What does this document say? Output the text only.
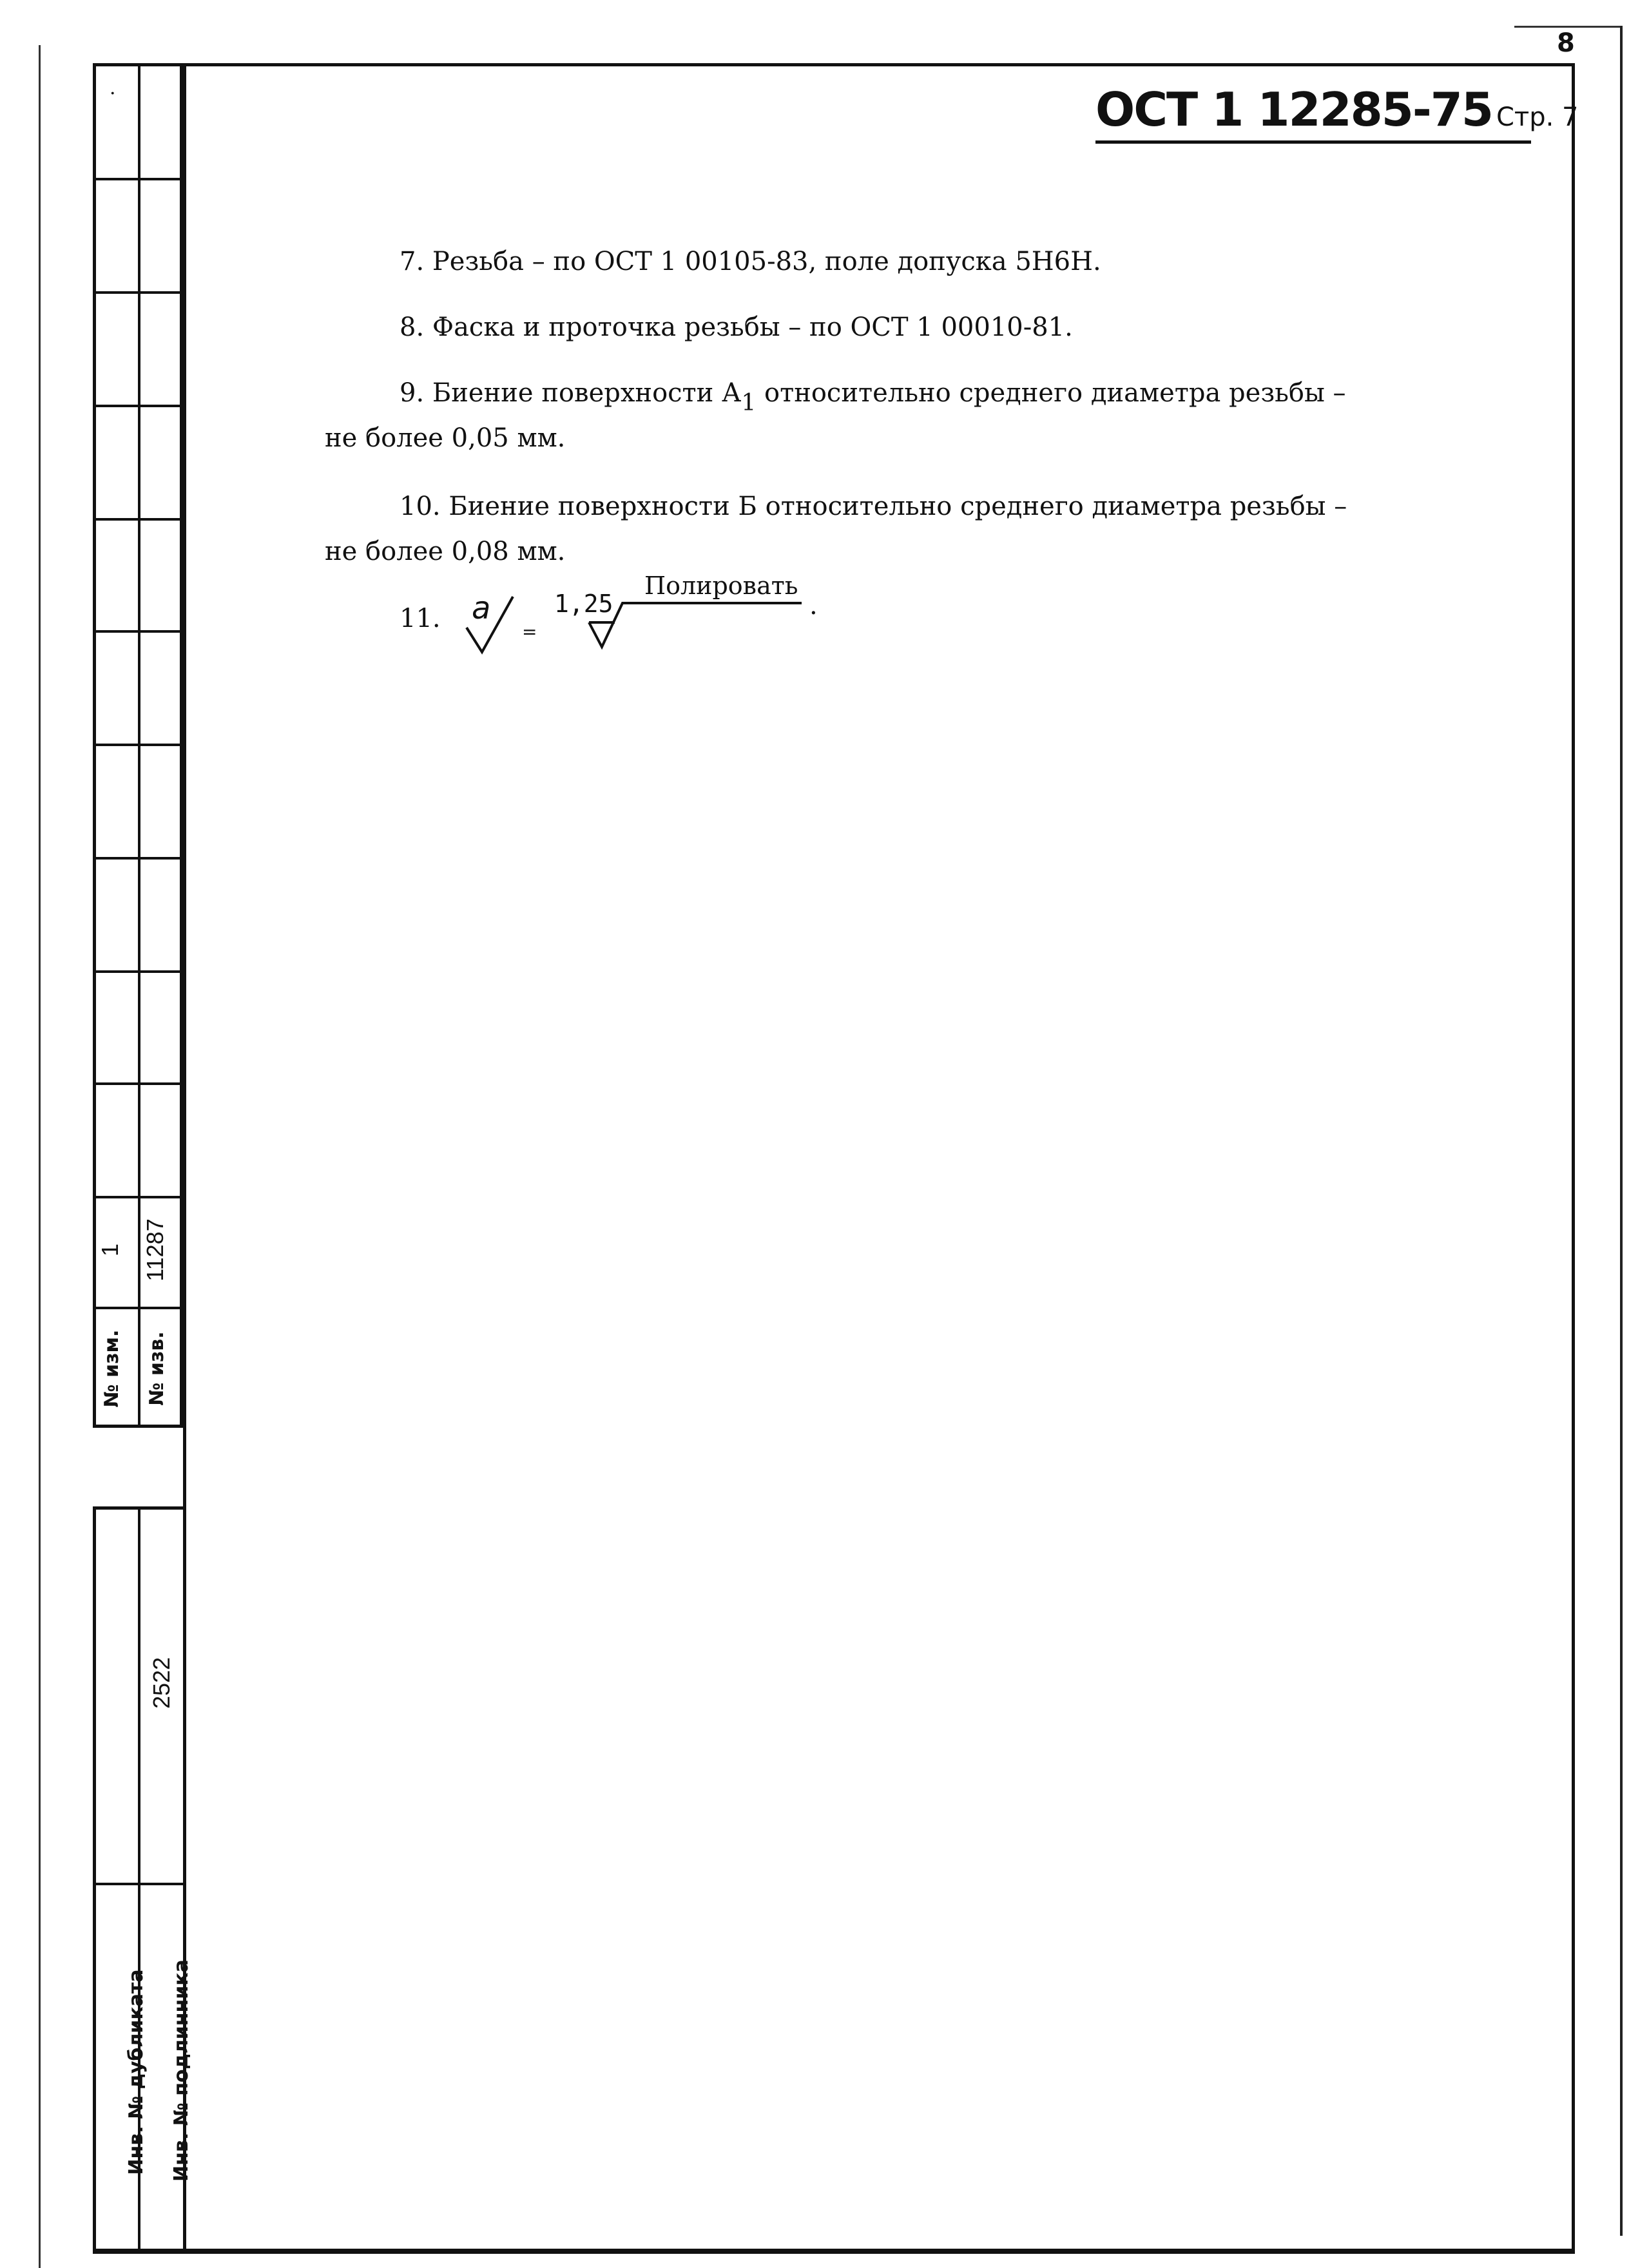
8
·
1 11287
№ изм. № изв.
2522
Инв. № дубликата Инв. № подлинника
ОСТ 1 12285-75 Стр. 7
7. Резьба – по ОСТ 1 00105-83, поле допуска 5Н6Н.
8. Фаска и проточка резьбы – по ОСТ 1 00010-81.
9. Биение поверхности $А_1$ относительно среднего диаметра резьбы –
не более 0,05 мм.
10. Биение поверхности Б относительно среднего диаметра резьбы –
не более 0,08 мм.
11. a
=
1,25
Полировать
.
